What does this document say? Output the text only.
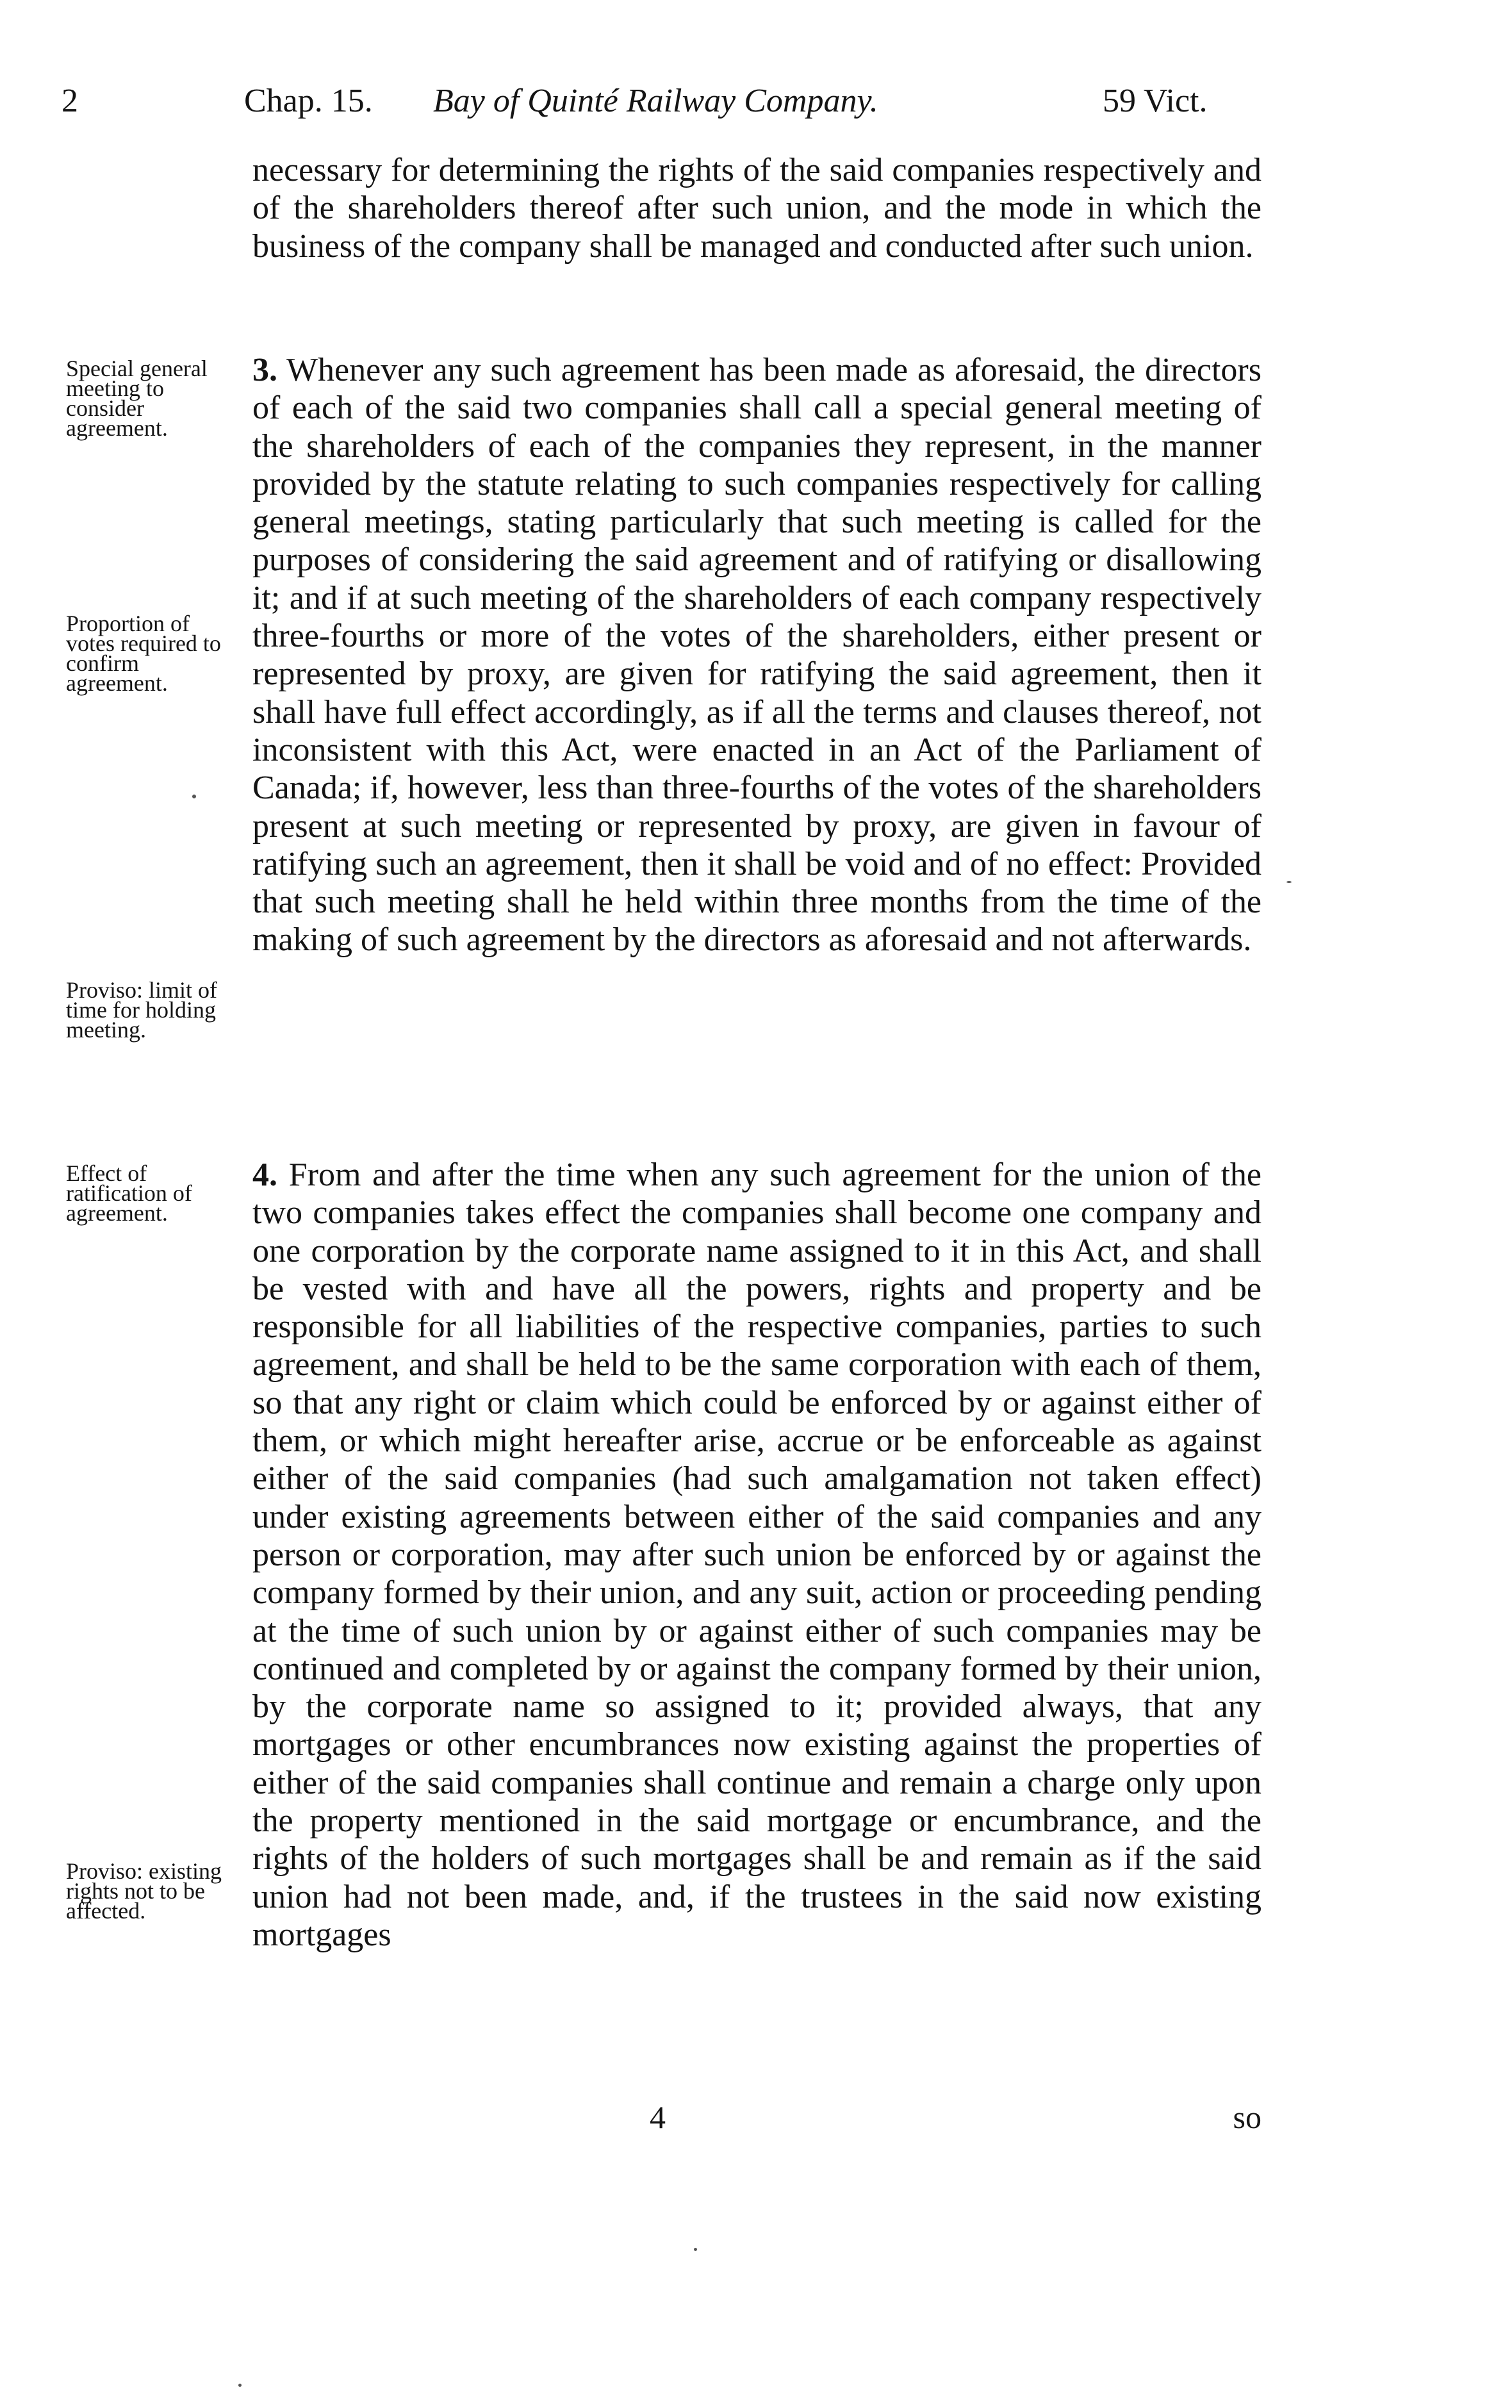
2	Chap. 15. Bay of Quinté Railway Company.	59 Vict.

necessary for determining the rights of the said companies respectively and of the shareholders thereof after such union, and the mode in which the business of the company shall be managed and conducted after such union.

3. Whenever any such agreement has been made as aforesaid, the directors of each of the said two companies shall call a special general meeting of the shareholders of each of the companies they represent, in the manner provided by the statute relating to such companies respectively for calling general meetings, stating particularly that such meeting is called for the purposes of considering the said agreement and of ratifying or disallowing it; and if at such meeting of the shareholders of each company respectively three-fourths or more of the votes of the shareholders, either present or represented by proxy, are given for ratifying the said agreement, then it shall have full effect accordingly, as if all the terms and clauses thereof, not inconsistent with this Act, were enacted in an Act of the Parliament of Canada; if, however, less than three-fourths of the votes of the shareholders present at such meeting or represented by proxy, are given in favour of ratifying such an agreement, then it shall be void and of no effect: Provided that such meeting shall he held within three months from the time of the making of such agreement by the directors as aforesaid and not afterwards.

4. From and after the time when any such agreement for the union of the two companies takes effect the companies shall become one company and one corporation by the corporate name assigned to it in this Act, and shall be vested with and have all the powers, rights and property and be responsible for all liabilities of the respective companies, parties to such agreement, and shall be held to be the same corporation with each of them, so that any right or claim which could be enforced by or against either of them, or which might hereafter arise, accrue or be enforceable as against either of the said companies (had such amalgamation not taken effect) under existing agreements between either of the said companies and any person or corporation, may after such union be enforced by or against the company formed by their union, and any suit, action or proceeding pending at the time of such union by or against either of such companies may be continued and completed by or against the company formed by their union, by the corporate name so assigned to it; provided always, that any mortgages or other encumbrances now existing against the properties of either of the said companies shall continue and remain a charge only upon the property mentioned in the said mortgage or encumbrance, and the rights of the holders of such mortgages shall be and remain as if the said union had not been made, and, if the trustees in the said now existing mortgages

4	so

Special general meeting to consider agreement.

Proportion of votes required to confirm agreement.

Proviso: limit of time for holding meeting.

Effect of ratification of agreement.

Proviso: existing rights not to be affected.
